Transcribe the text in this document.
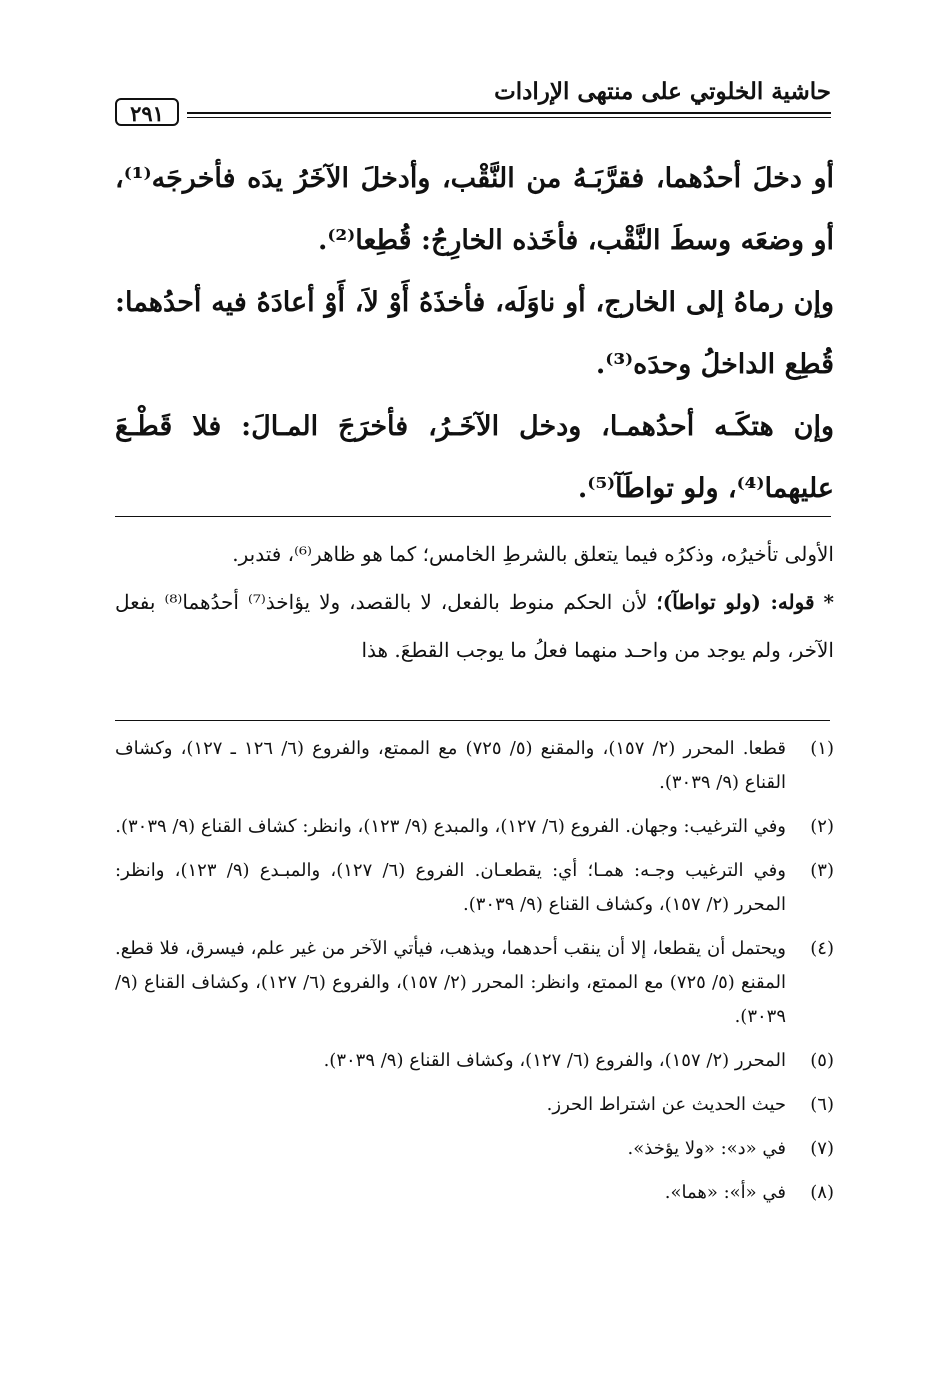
حاشية الخلوتي على منتهى الإرادات
٢٩١

أو دخلَ أحدُهما، فقرَّبَـهُ من النَّقْب، وأدخلَ الآخَرُ يدَه فأخرجَه⁽¹⁾، أو وضعَه وسطَ النَّقْب، فأخَذه الخارِجُ: قُطِعا⁽²⁾.

وإن رماهُ إلى الخارج، أو ناوَلَه، فأخذَهُ أَوْ لاَ، أَوْ أعادَهُ فيه أحدُهما: قُطِع الداخلُ وحدَه⁽³⁾.

وإن هتكَـه أحدُهمـا، ودخل الآخَـرُ، فأخرَجَ المـالَ: فلا قَطْـعَ عليهما⁽⁴⁾، ولو تواطَآ⁽⁵⁾.

الأولى تأخيرُه، وذكرُه فيما يتعلق بالشرطِ الخامس؛ كما هو ظاهر⁽⁶⁾، فتدبر.

* قوله: (ولو تواطآ)؛ لأن الحكم منوط بالفعل، لا بالقصد، ولا يؤاخذ⁽⁷⁾ أحدُهما⁽⁸⁾ بفعل الآخر، ولم يوجد من واحـد منهما فعلُ ما يوجب القطعَ. هذا

(١)
قطعا. المحرر (٢/ ١٥٧)، والمقنع (٥/ ٧٢٥) مع الممتع، والفروع (٦/ ١٢٦ ـ ١٢٧)، وكشاف القناع (٩/ ٣٠٣٩).
(٢)
وفي الترغيب: وجهان. الفروع (٦/ ١٢٧)، والمبدع (٩/ ١٢٣)، وانظر: كشاف القناع (٩/ ٣٠٣٩).
(٣)
وفي الترغيب وجـه: همـا؛ أي: يقطعـان. الفروع (٦/ ١٢٧)، والمبـدع (٩/ ١٢٣)، وانظر: المحرر (٢/ ١٥٧)، وكشاف القناع (٩/ ٣٠٣٩).
(٤)
ويحتمل أن يقطعا، إلا أن ينقب أحدهما، ويذهب، فيأتي الآخر من غير علم، فيسرق، فلا قطع. المقنع (٥/ ٧٢٥) مع الممتع، وانظر: المحرر (٢/ ١٥٧)، والفروع (٦/ ١٢٧)، وكشاف القناع (٩/ ٣٠٣٩).
(٥)
المحرر (٢/ ١٥٧)، والفروع (٦/ ١٢٧)، وكشاف القناع (٩/ ٣٠٣٩).
(٦)
حيث الحديث عن اشتراط الحرز.
(٧)
في «د»: «ولا يؤخذ».
(٨)
في «أ»: «هما».
